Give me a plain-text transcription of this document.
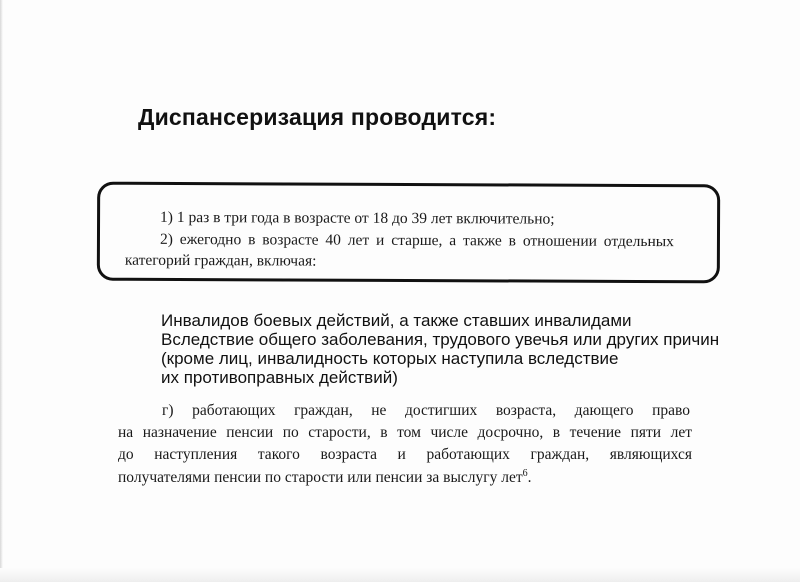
Диспансеризация проводится:
1) 1 раз в три года в возрасте от 18 до 39 лет включительно;
2) ежегодно в возрасте 40 лет и старше, а также в отношении отдельных
категорий граждан, включая:
Инвалидов боевых действий, а также ставших инвалидами
Вследствие общего заболевания, трудового увечья или других причин
(кроме лиц, инвалидность которых наступила вследствие
их противоправных действий)
г) работающих граждан, не достигших возраста, дающего право
на назначение пенсии по старости, в том числе досрочно, в течение пяти лет
до наступления такого возраста и работающих граждан, являющихся
получателями пенсии по старости или пенсии за выслугу лет$^6$.
